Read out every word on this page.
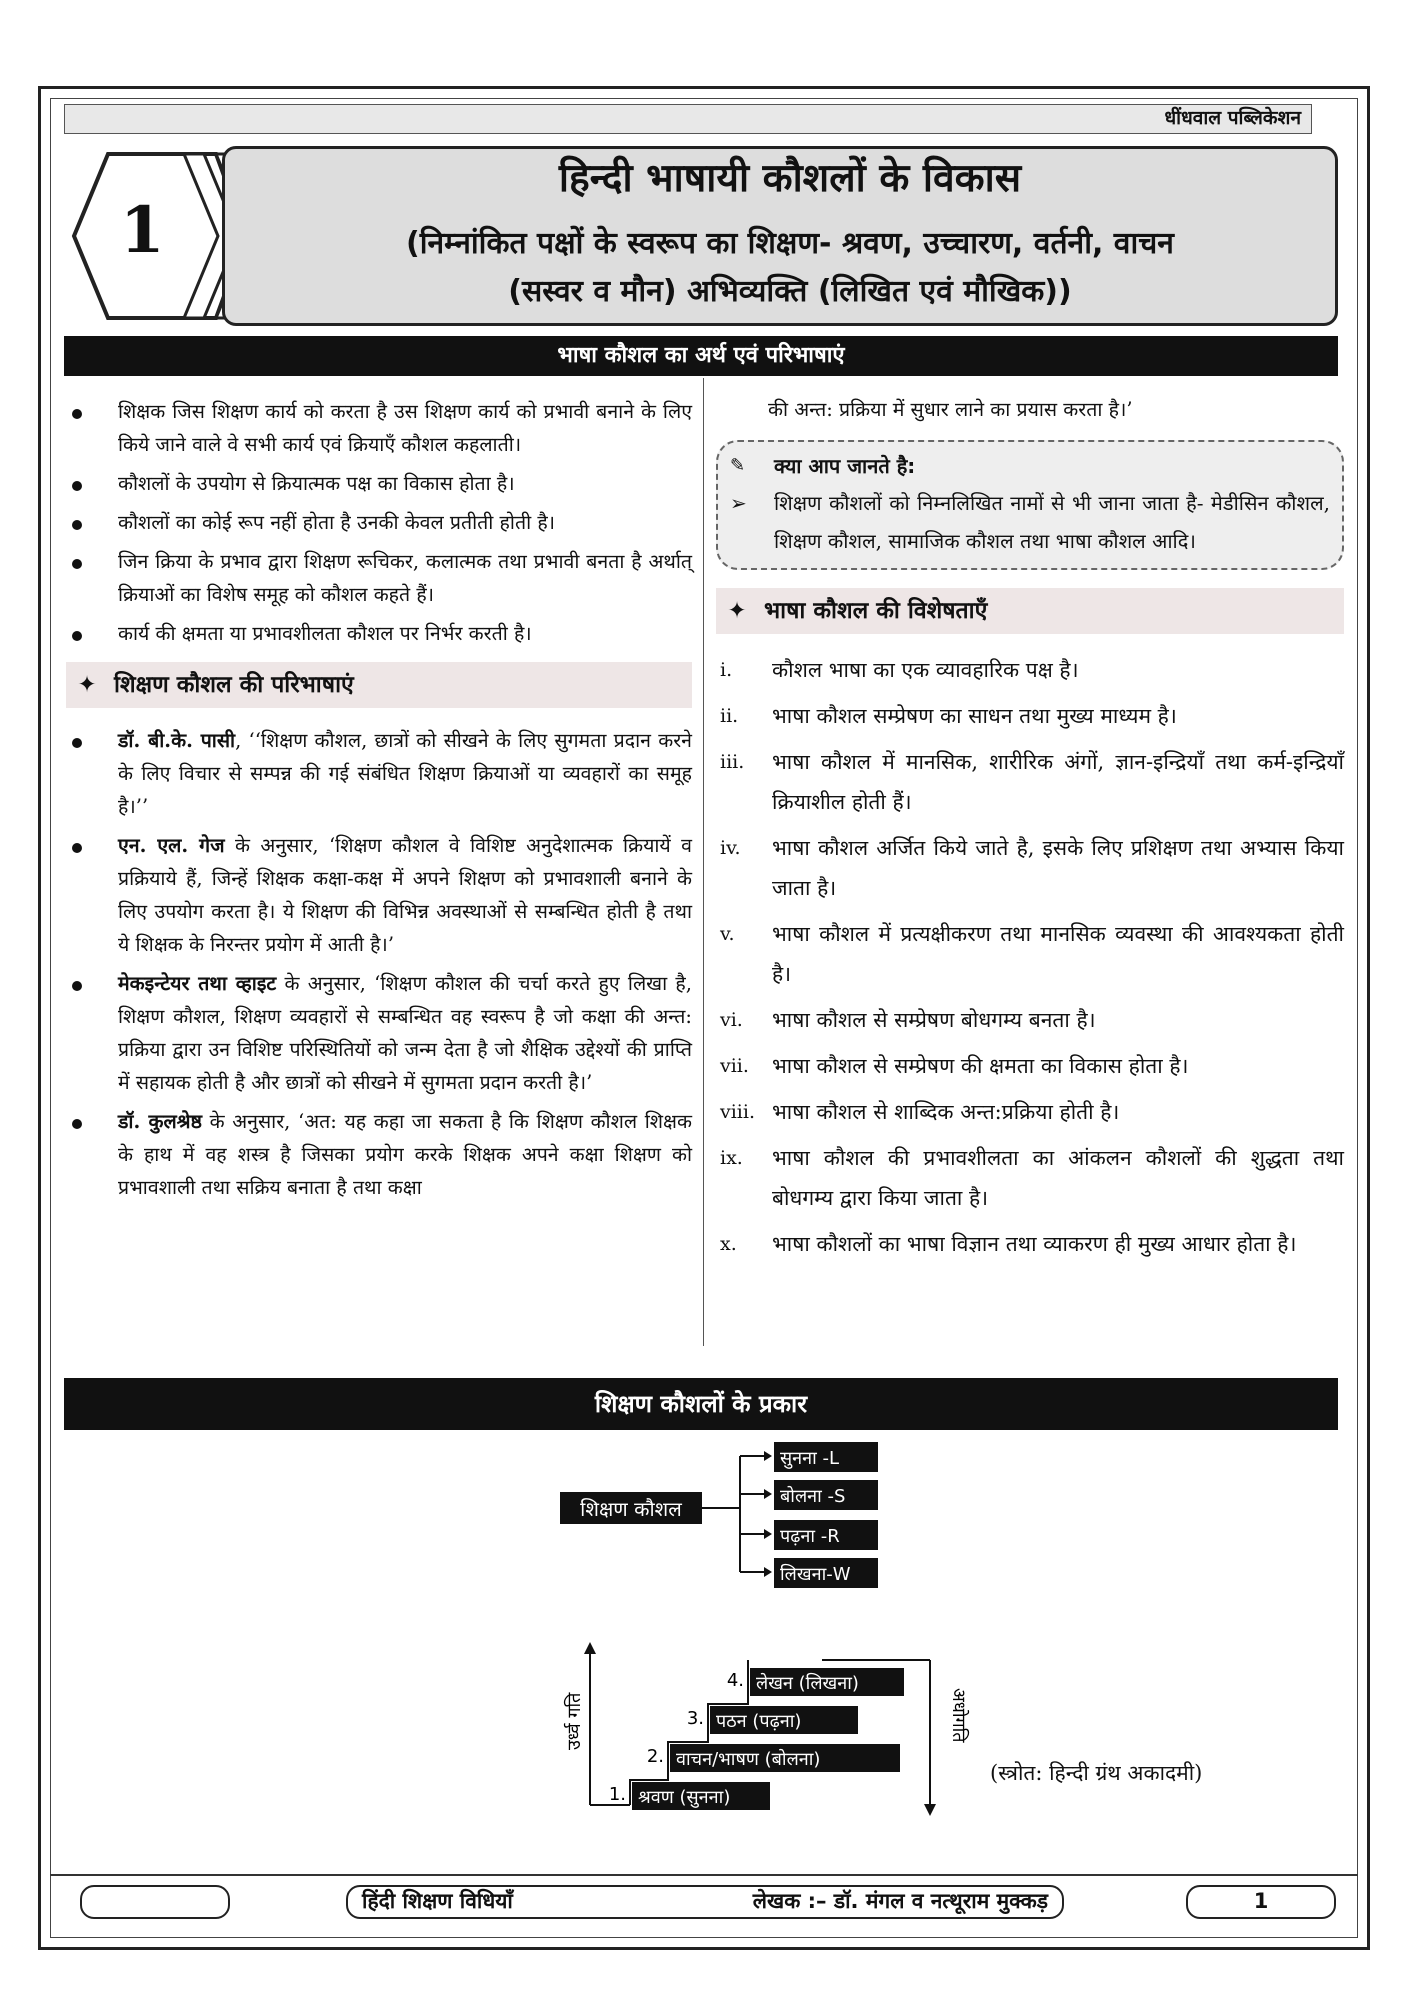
धींधवाल पब्लिकेशन
1
हिन्दी भाषायी कौशलों के विकास
(निम्नांकित पक्षों के स्वरूप का शिक्षण- श्रवण, उच्चारण, वर्तनी, वाचन
(सस्वर व मौन) अभिव्यक्ति (लिखित एवं मौखिक))
भाषा कौशल का अर्थ एवं परिभाषाएं
शिक्षक जिस शिक्षण कार्य को करता है उस शिक्षण कार्य को प्रभावी बनाने के लिए किये जाने वाले वे सभी कार्य एवं क्रियाएँ कौशल कहलाती।
कौशलों के उपयोग से क्रियात्मक पक्ष का विकास होता है।
कौशलों का कोई रूप नहीं होता है उनकी केवल प्रतीती होती है।
जिन क्रिया के प्रभाव द्वारा शिक्षण रूचिकर, कलात्मक तथा प्रभावी बनता है अर्थात् क्रियाओं का विशेष समूह को कौशल कहते हैं।
कार्य की क्षमता या प्रभावशीलता कौशल पर निर्भर करती है।
✦ शिक्षण कौशल की परिभाषाएं
डॉ. बी.के. पासी, ‘‘शिक्षण कौशल, छात्रों को सीखने के लिए सुगमता प्रदान करने के लिए विचार से सम्पन्न की गई संबंधित शिक्षण क्रियाओं या व्यवहारों का समूह है।’’
एन. एल. गेज के अनुसार, ‘शिक्षण कौशल वे विशिष्ट अनुदेशात्मक क्रियायें व प्रक्रियाये हैं, जिन्हें शिक्षक कक्षा-कक्ष में अपने शिक्षण को प्रभावशाली बनाने के लिए उपयोग करता है। ये शिक्षण की विभिन्न अवस्थाओं से सम्बन्धित होती है तथा ये शिक्षक के निरन्तर प्रयोग में आती है।’
मेकइन्टेयर तथा व्हाइट के अनुसार, ‘शिक्षण कौशल की चर्चा करते हुए लिखा है, शिक्षण कौशल, शिक्षण व्यवहारों से सम्बन्धित वह स्वरूप है जो कक्षा की अन्त: प्रक्रिया द्वारा उन विशिष्ट परिस्थितियों को जन्म देता है जो शैक्षिक उद्देश्यों की प्राप्ति में सहायक होती है और छात्रों को सीखने में सुगमता प्रदान करती है।’
डॉ. कुलश्रेष्ठ के अनुसार, ‘अत: यह कहा जा सकता है कि शिक्षण कौशल शिक्षक के हाथ में वह शस्त्र है जिसका प्रयोग करके शिक्षक अपने कक्षा शिक्षण को प्रभावशाली तथा सक्रिय बनाता है तथा कक्षा
की अन्त: प्रक्रिया में सुधार लाने का प्रयास करता है।’
✎ क्या आप जानते है:
➢ शिक्षण कौशलों को निम्नलिखित नामों से भी जाना जाता है- मेडीसिन कौशल, शिक्षण कौशल, सामाजिक कौशल तथा भाषा कौशल आदि।
✦ भाषा कौशल की विशेषताएँ
i. कौशल भाषा का एक व्यावहारिक पक्ष है।
ii. भाषा कौशल सम्प्रेषण का साधन तथा मुख्य माध्यम है।
iii. भाषा कौशल में मानसिक, शारीरिक अंगों, ज्ञान-इन्द्रियाँ तथा कर्म-इन्द्रियाँ क्रियाशील होती हैं।
iv. भाषा कौशल अर्जित किये जाते है, इसके लिए प्रशिक्षण तथा अभ्यास किया जाता है।
v. भाषा कौशल में प्रत्यक्षीकरण तथा मानसिक व्यवस्था की आवश्यकता होती है।
vi. भाषा कौशल से सम्प्रेषण बोधगम्य बनता है।
vii. भाषा कौशल से सम्प्रेषण की क्षमता का विकास होता है।
viii. भाषा कौशल से शाब्दिक अन्त:प्रक्रिया होती है।
ix. भाषा कौशल की प्रभावशीलता का आंकलन कौशलों की शुद्धता तथा बोधगम्य द्वारा किया जाता है।
x. भाषा कौशलों का भाषा विज्ञान तथा व्याकरण ही मुख्य आधार होता है।
शिक्षण कौशलों के प्रकार
शिक्षण कौशल
सुनना -L
बोलना -S
पढ़ना -R
लिखना-W
उर्ध्व गति	अधोगति
1. श्रवण (सुनना)
2. वाचन/भाषण (बोलना)
3. पठन (पढ़ना)
4. लेखन (लिखना)
(स्त्रोत: हिन्दी ग्रंथ अकादमी)
हिंदी शिक्षण विधियाँ	लेखक :– डॉ. मंगल व नत्थूराम मुक्कड़	1
